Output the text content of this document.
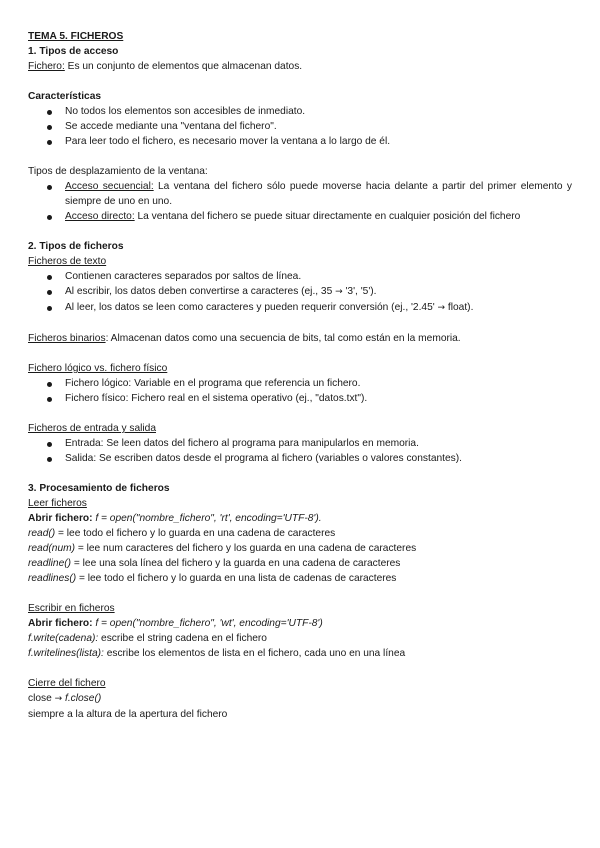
TEMA 5. FICHEROS

1. Tipos de acceso

Fichero: Es un conjunto de elementos que almacenan datos.

Características

No todos los elementos son accesibles de inmediato.
Se accede mediante una "ventana del fichero".
Para leer todo el fichero, es necesario mover la ventana a lo largo de él.

Tipos de desplazamiento de la ventana:

Acceso secuencial: La ventana del fichero sólo puede moverse hacia delante a partir del primer elemento y siempre de uno en uno.
Acceso directo: La ventana del fichero se puede situar directamente en cualquier posición del fichero

2. Tipos de ficheros

Ficheros de texto

Contienen caracteres separados por saltos de línea.
Al escribir, los datos deben convertirse a caracteres (ej., 35 → '3', '5').
Al leer, los datos se leen como caracteres y pueden requerir conversión (ej., '2.45' → float).

Ficheros binarios: Almacenan datos como una secuencia de bits, tal como están en la memoria.

Fichero lógico vs. fichero físico

Fichero lógico: Variable en el programa que referencia un fichero.
Fichero físico: Fichero real en el sistema operativo (ej., "datos.txt").

Ficheros de entrada y salida

Entrada: Se leen datos del fichero al programa para manipularlos en memoria.
Salida: Se escriben datos desde el programa al fichero (variables o valores constantes).

3. Procesamiento de ficheros

Leer ficheros

Abrir fichero: f = open("nombre_fichero", 'rt', encoding='UTF-8').

read() = lee todo el fichero y lo guarda en una cadena de caracteres

read(num) = lee num caracteres del fichero y los guarda en una cadena de caracteres

readline() = lee una sola línea del fichero y la guarda en una cadena de caracteres

readlines() = lee todo el fichero y lo guarda en una lista de cadenas de caracteres

Escribir en ficheros

Abrir fichero: f = open("nombre_fichero", 'wt', encoding='UTF-8')

f.write(cadena): escribe el string cadena en el fichero

f.writelines(lista): escribe los elementos de lista en el fichero, cada uno en una línea

Cierre del fichero

close → f.close()

siempre a la altura de la apertura del fichero
